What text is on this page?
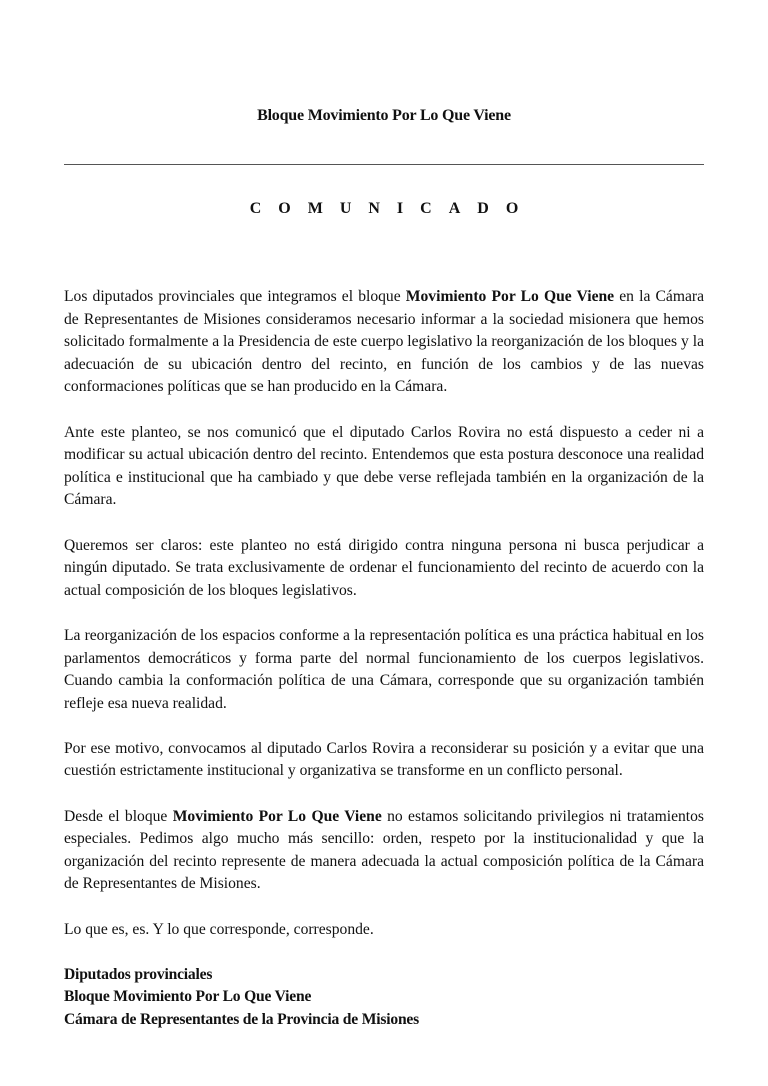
Bloque Movimiento Por Lo Que Viene
COMUNICADO

Los diputados provinciales que integramos el bloque Movimiento Por Lo Que Viene en la Cámara de Representantes de Misiones consideramos necesario informar a la sociedad misionera que hemos solicitado formalmente a la Presidencia de este cuerpo legislativo la reorganización de los bloques y la adecuación de su ubicación dentro del recinto, en función de los cambios y de las nuevas conformaciones políticas que se han producido en la Cámara.

Ante este planteo, se nos comunicó que el diputado Carlos Rovira no está dispuesto a ceder ni a modificar su actual ubicación dentro del recinto. Entendemos que esta postura desconoce una realidad política e institucional que ha cambiado y que debe verse reflejada también en la organización de la Cámara.

Queremos ser claros: este planteo no está dirigido contra ninguna persona ni busca perjudicar a ningún diputado. Se trata exclusivamente de ordenar el funcionamiento del recinto de acuerdo con la actual composición de los bloques legislativos.

La reorganización de los espacios conforme a la representación política es una práctica habitual en los parlamentos democráticos y forma parte del normal funcionamiento de los cuerpos legislativos. Cuando cambia la conformación política de una Cámara, corresponde que su organización también refleje esa nueva realidad.

Por ese motivo, convocamos al diputado Carlos Rovira a reconsiderar su posición y a evitar que una cuestión estrictamente institucional y organizativa se transforme en un conflicto personal.

Desde el bloque Movimiento Por Lo Que Viene no estamos solicitando privilegios ni tratamientos especiales. Pedimos algo mucho más sencillo: orden, respeto por la institucionalidad y que la organización del recinto represente de manera adecuada la actual composición política de la Cámara de Representantes de Misiones.

Lo que es, es. Y lo que corresponde, corresponde.

Diputados provinciales
Bloque Movimiento Por Lo Que Viene
Cámara de Representantes de la Provincia de Misiones
